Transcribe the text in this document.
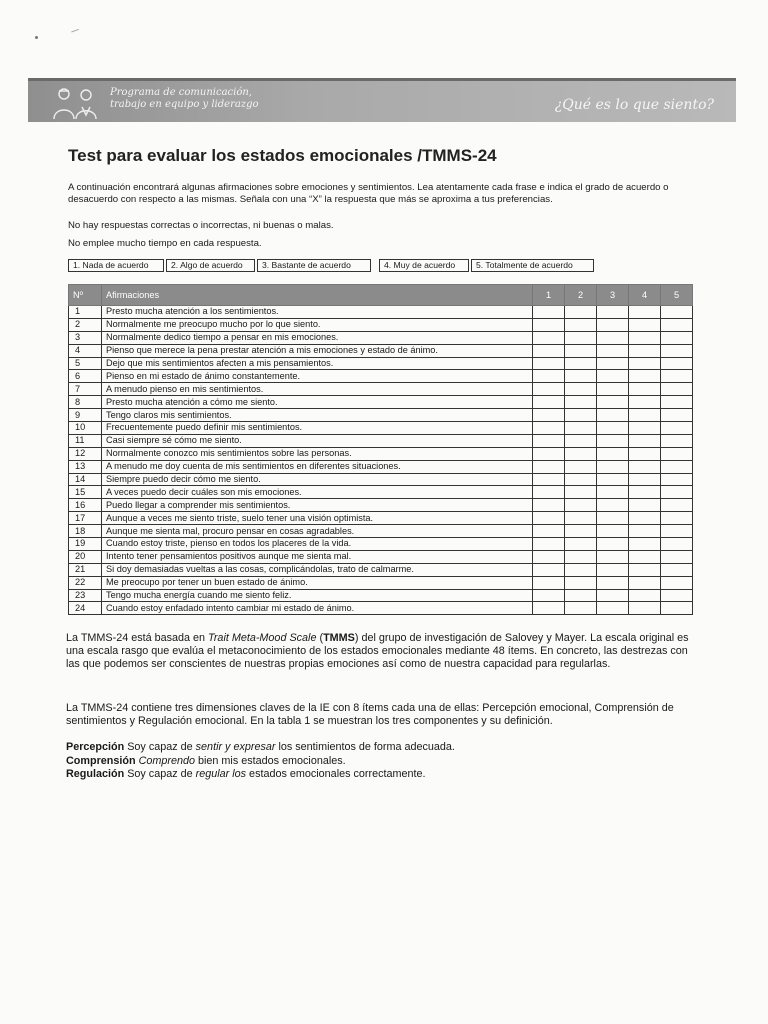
Programa de comunicación,
trabajo en equipo y liderazgo	¿Qué es lo que siento?
Test para evaluar los estados emocionales /TMMS-24

A continuación encontrará algunas afirmaciones sobre emociones y sentimientos. Lea atentamente cada frase e indica el grado de acuerdo o desacuerdo con respecto a las mismas. Señala con una “X” la respuesta que más se aproxima a tus preferencias.

No hay respuestas correctas o incorrectas, ni buenas o malas.

No emplee mucho tiempo en cada respuesta.

1. Nada de acuerdo	2. Algo de acuerdo	3. Bastante de acuerdo	4. Muy de acuerdo	5. Totalmente de acuerdo
Nº	Afirmaciones	1	2	3	4	5
1	Presto mucha atención a los sentimientos.					
2	Normalmente me preocupo mucho por lo que siento.					
3	Normalmente dedico tiempo a pensar en mis emociones.					
4	Pienso que merece la pena prestar atención a mis emociones y estado de ánimo.					
5	Dejo que mis sentimientos afecten a mis pensamientos.					
6	Pienso en mi estado de ánimo constantemente.					
7	A menudo pienso en mis sentimientos.					
8	Presto mucha atención a cómo me siento.					
9	Tengo claros mis sentimientos.					
10	Frecuentemente puedo definir mis sentimientos.					
11	Casi siempre sé cómo me siento.					
12	Normalmente conozco mis sentimientos sobre las personas.					
13	A menudo me doy cuenta de mis sentimientos en diferentes situaciones.					
14	Siempre puedo decir cómo me siento.					
15	A veces puedo decir cuáles son mis emociones.					
16	Puedo llegar a comprender mis sentimientos.					
17	Aunque a veces me siento triste, suelo tener una visión optimista.					
18	Aunque me sienta mal, procuro pensar en cosas agradables.					
19	Cuando estoy triste, pienso en todos los placeres de la vida.					
20	Intento tener pensamientos positivos aunque me sienta mal.					
21	Si doy demasiadas vueltas a las cosas, complicándolas, trato de calmarme.					
22	Me preocupo por tener un buen estado de ánimo.					
23	Tengo mucha energía cuando me siento feliz.					
24	Cuando estoy enfadado intento cambiar mi estado de ánimo.					

La TMMS-24 está basada en Trait Meta-Mood Scale (TMMS) del grupo de investigación de Salovey y Mayer. La escala original es una escala rasgo que evalúa el metaconocimiento de los estados emocionales mediante 48 ítems. En concreto, las destrezas con las que podemos ser conscientes de nuestras propias emociones así como de nuestra capacidad para regularlas.

La TMMS-24 contiene tres dimensiones claves de la IE con 8 ítems cada una de ellas: Percepción emocional, Comprensión de sentimientos y Regulación emocional. En la tabla 1 se muestran los tres componentes y su definición.

Percepción Soy capaz de sentir y expresar los sentimientos de forma adecuada.
Comprensión Comprendo bien mis estados emocionales.
Regulación Soy capaz de regular los estados emocionales correctamente.
